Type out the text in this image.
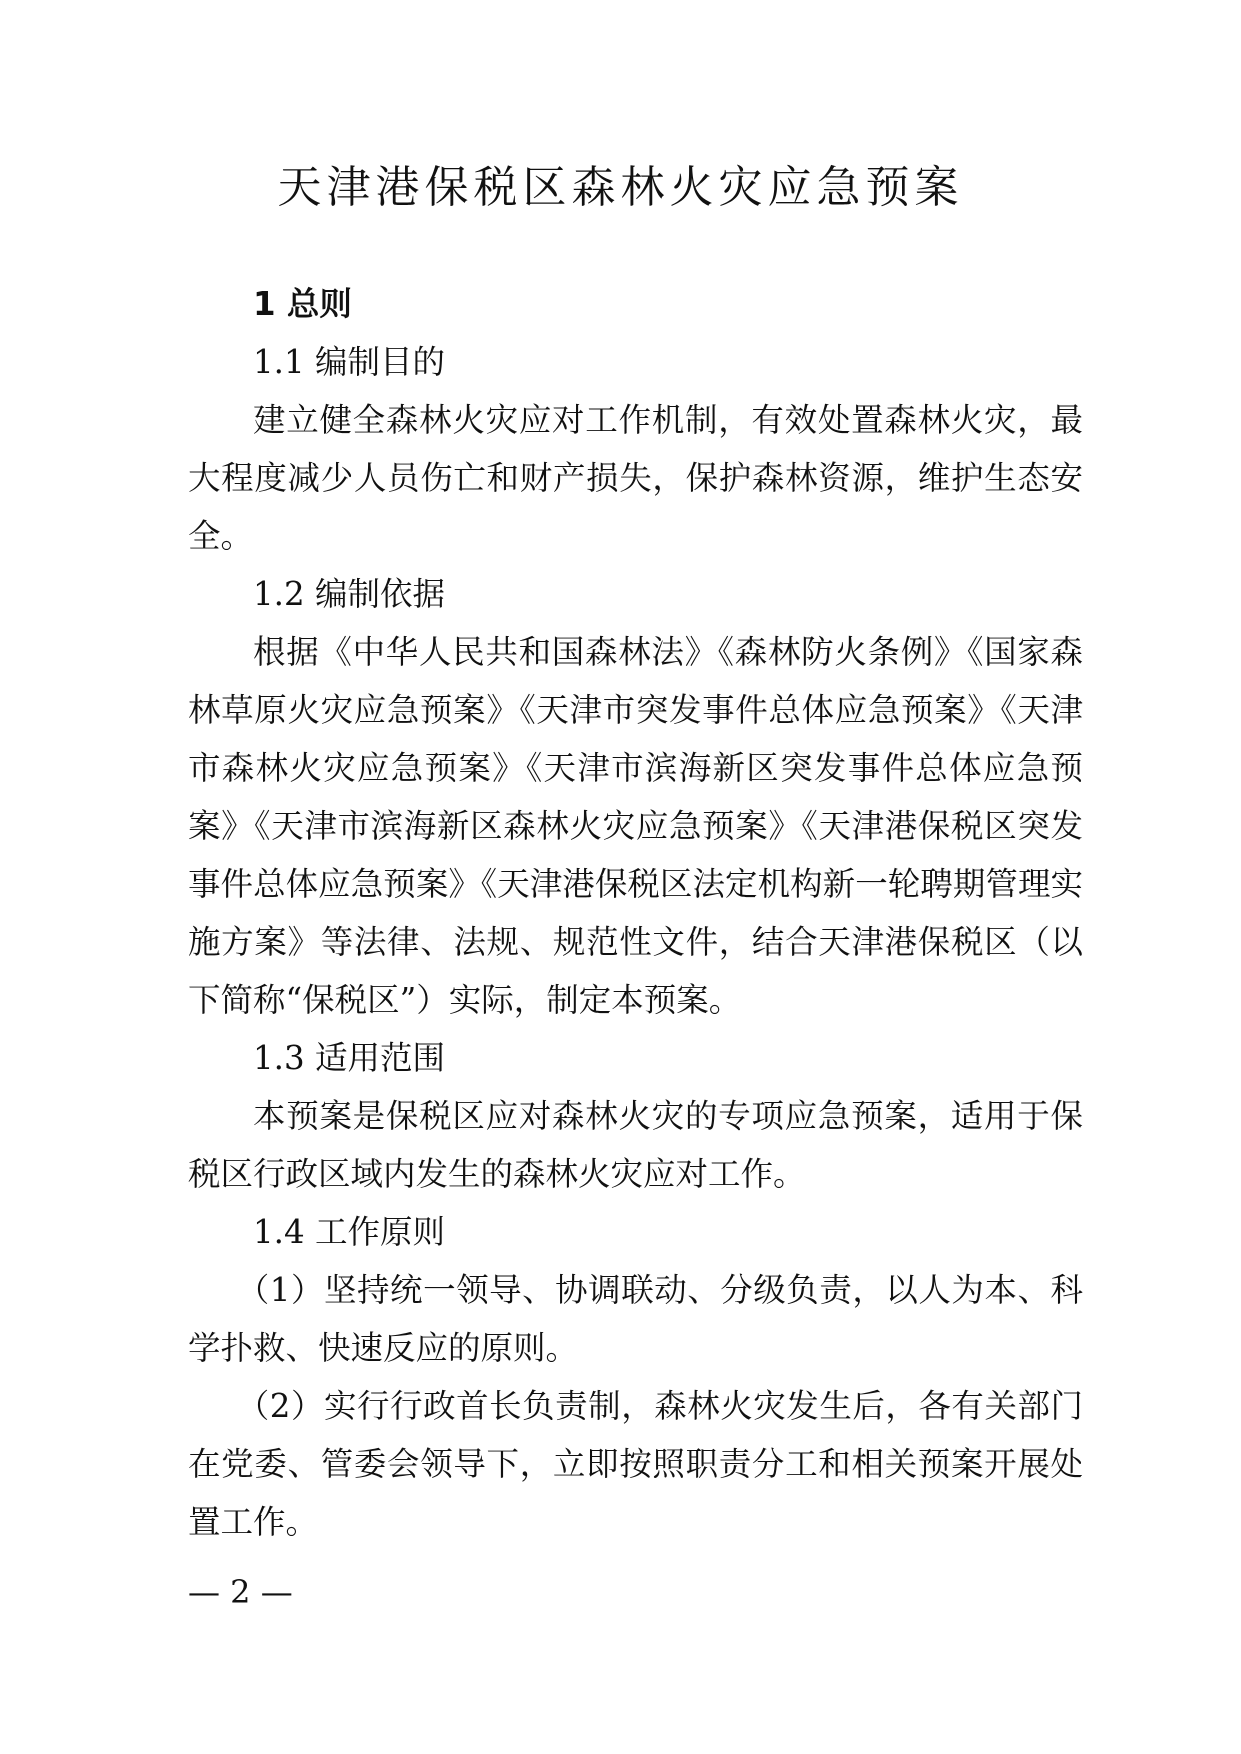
天津港保税区森林火灾应急预案

1 总则

1.1 编制目的

建立健全森林火灾应对工作机制，有效处置森林火灾，最大程度减少人员伤亡和财产损失，保护森林资源，维护生态安全。

1.2 编制依据

根据《中华人民共和国森林法》《森林防火条例》《国家森林草原火灾应急预案》《天津市突发事件总体应急预案》《天津市森林火灾应急预案》《天津市滨海新区突发事件总体应急预案》《天津市滨海新区森林火灾应急预案》《天津港保税区突发事件总体应急预案》《天津港保税区法定机构新一轮聘期管理实施方案》等法律、法规、规范性文件，结合天津港保税区（以下简称“保税区”）实际，制定本预案。

1.3 适用范围

本预案是保税区应对森林火灾的专项应急预案，适用于保税区行政区域内发生的森林火灾应对工作。

1.4 工作原则

（1）坚持统一领导、协调联动、分级负责，以人为本、科学扑救、快速反应的原则。

（2）实行行政首长负责制，森林火灾发生后，各有关部门在党委、管委会领导下，立即按照职责分工和相关预案开展处置工作。

— 2 —
